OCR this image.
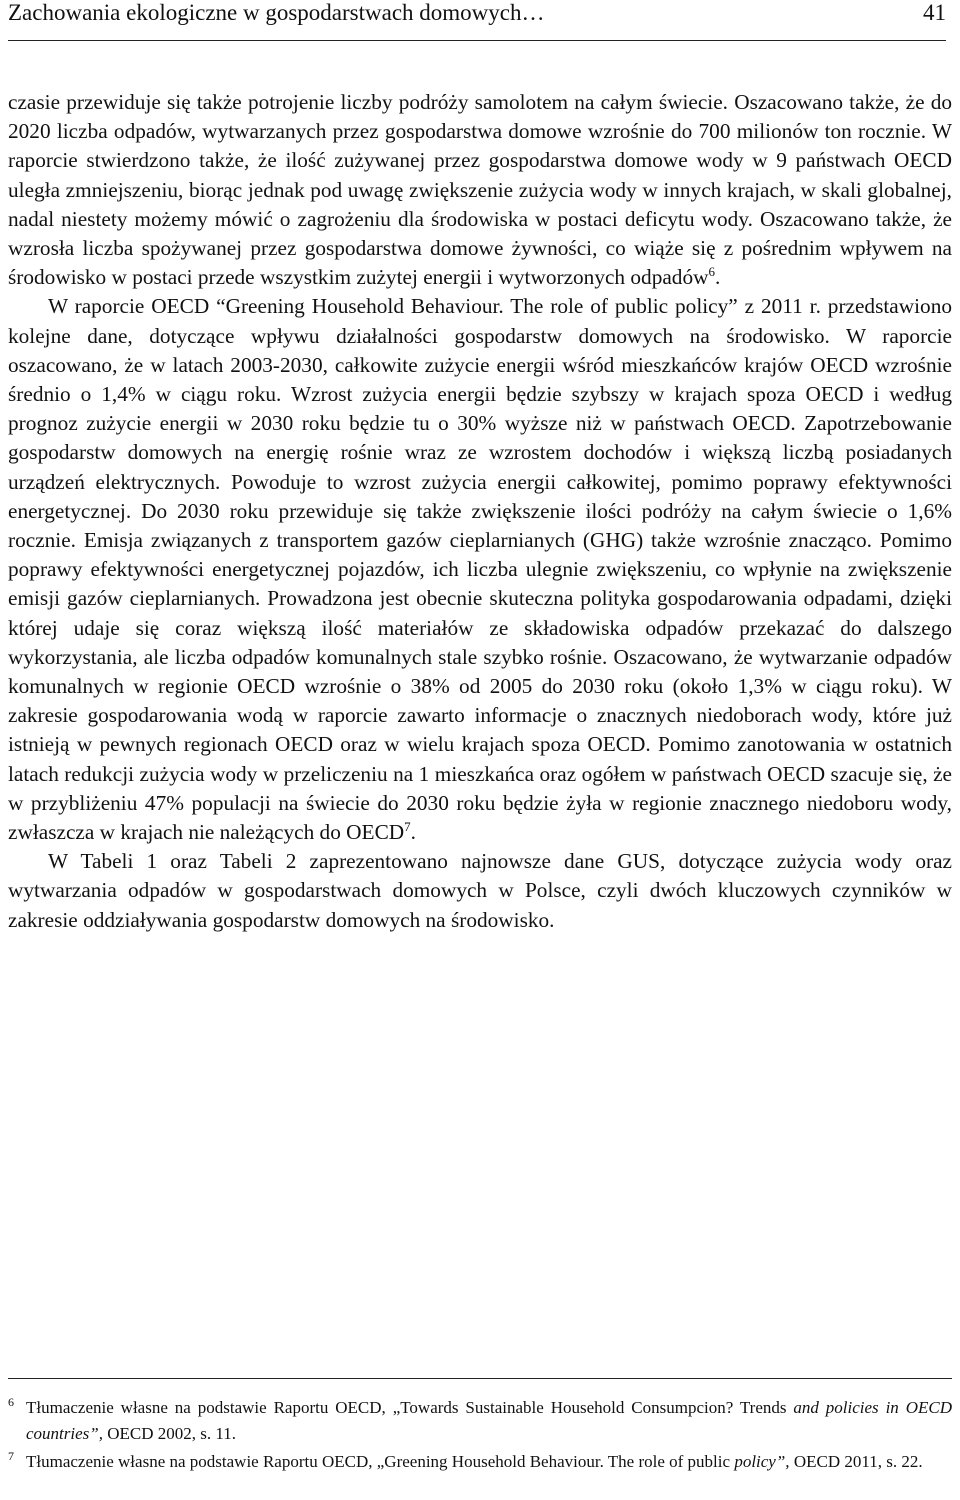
Zachowania ekologiczne w gospodarstwach domowych…	41

czasie przewiduje się także potrojenie liczby podróży samolotem na całym świecie. Oszacowano także, że do 2020 liczba odpadów, wytwarzanych przez gospodarstwa domowe wzrośnie do 700 milionów ton rocznie. W raporcie stwierdzono także, że ilość zużywanej przez gospodarstwa domowe wody w 9 państwach OECD uległa zmniejszeniu, biorąc jednak pod uwagę zwiększenie zużycia wody w innych krajach, w skali globalnej, nadal niestety możemy mówić o zagrożeniu dla środowiska w postaci deficytu wody. Oszacowano także, że wzrosła liczba spożywanej przez gospodarstwa domowe żywności, co wiąże się z pośrednim wpływem na środowisko w postaci przede wszystkim zużytej energii i wytworzonych odpadów$^6$.

W raporcie OECD “Greening Household Behaviour. The role of public policy” z 2011 r. przedstawiono kolejne dane, dotyczące wpływu działalności gospodarstw domowych na środowisko. W raporcie oszacowano, że w latach 2003-2030, całkowite zużycie energii wśród mieszkańców krajów OECD wzrośnie średnio o 1,4% w ciągu roku. Wzrost zużycia energii będzie szybszy w krajach spoza OECD i według prognoz zużycie energii w 2030 roku będzie tu o 30% wyższe niż w państwach OECD. Zapotrzebowanie gospodarstw domowych na energię rośnie wraz ze wzrostem dochodów i większą liczbą posiadanych urządzeń elektrycznych. Powoduje to wzrost zużycia energii całkowitej, pomimo poprawy efektywności energetycznej. Do 2030 roku przewiduje się także zwiększenie ilości podróży na całym świecie o 1,6% rocznie. Emisja związanych z transportem gazów cieplarnianych (GHG) także wzrośnie znacząco. Pomimo poprawy efektywności energetycznej pojazdów, ich liczba ulegnie zwiększeniu, co wpłynie na zwiększenie emisji gazów cieplarnianych. Prowadzona jest obecnie skuteczna polityka gospodarowania odpadami, dzięki której udaje się coraz większą ilość materiałów ze składowiska odpadów przekazać do dalszego wykorzystania, ale liczba odpadów komunalnych stale szybko rośnie. Oszacowano, że wytwarzanie odpadów komunalnych w regionie OECD wzrośnie o 38% od 2005 do 2030 roku (około 1,3% w ciągu roku). W zakresie gospodarowania wodą w raporcie zawarto informacje o znacznych niedoborach wody, które już istnieją w pewnych regionach OECD oraz w wielu krajach spoza OECD. Pomimo zanotowania w ostatnich latach redukcji zużycia wody w przeliczeniu na 1 mieszkańca oraz ogółem w państwach OECD szacuje się, że w przybliżeniu 47% populacji na świecie do 2030 roku będzie żyła w regionie znacznego niedoboru wody, zwłaszcza w krajach nie należących do OECD$^7$.

W Tabeli 1 oraz Tabeli 2 zaprezentowano najnowsze dane GUS, dotyczące zużycia wody oraz wytwarzania odpadów w gospodarstwach domowych w Polsce, czyli dwóch kluczowych czynników w zakresie oddziaływania gospodarstw domowych na środowisko.

6 Tłumaczenie własne na podstawie Raportu OECD, „Towards Sustainable Household Consumpcion? Trends and policies in OECD countries”, OECD 2002, s. 11.
7 Tłumaczenie własne na podstawie Raportu OECD, „Greening Household Behaviour. The role of public policy”, OECD 2011, s. 22.
